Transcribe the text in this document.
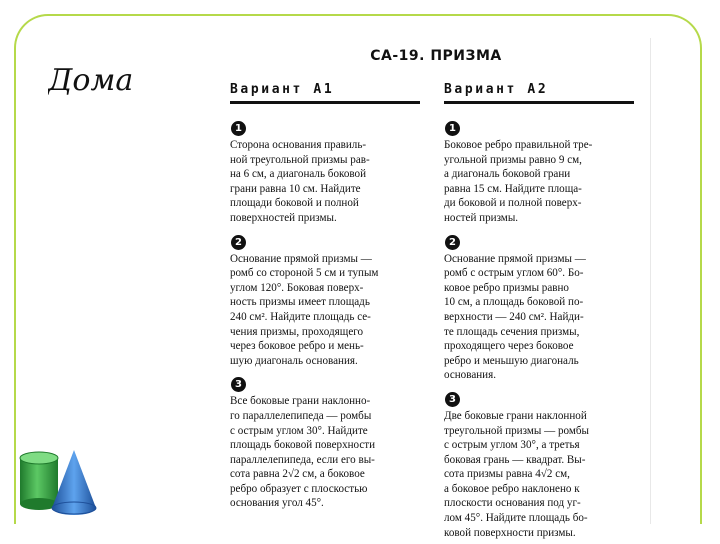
Дома
СА-19. ПРИЗМА
Вариант А1
1

Сторона основания правиль-
ной треугольной призмы рав-
на 6 см, а диагональ боковой
грани равна 10 см. Найдите
площади боковой и полной
поверхностей призмы.

2

Основание прямой призмы —
ромб со стороной 5 см и тупым
углом 120°. Боковая поверх-
ность призмы имеет площадь
240 см². Найдите площадь се-
чения призмы, проходящего
через боковое ребро и мень-
шую диагональ основания.

3

Все боковые грани наклонно-
го параллелепипеда — ромбы
с острым углом 30°. Найдите
площадь боковой поверхности
параллелепипеда, если его вы-
сота равна 2√2 см, а боковое
ребро образует с плоскостью
основания угол 45°.

Вариант А2
1

Боковое ребро правильной тре-
угольной призмы равно 9 см,
а диагональ боковой грани
равна 15 см. Найдите площа-
ди боковой и полной поверх-
ностей призмы.

2

Основание прямой призмы —
ромб с острым углом 60°. Бо-
ковое ребро призмы равно
10 см, а площадь боковой по-
верхности — 240 см². Найди-
те площадь сечения призмы,
проходящего через боковое
ребро и меньшую диагональ
основания.

3

Две боковые грани наклонной
треугольной призмы — ромбы
с острым углом 30°, а третья
боковая грань — квадрат. Вы-
сота призмы равна 4√2 см,
а боковое ребро наклонено к
плоскости основания под уг-
лом 45°. Найдите площадь бо-
ковой поверхности призмы.
